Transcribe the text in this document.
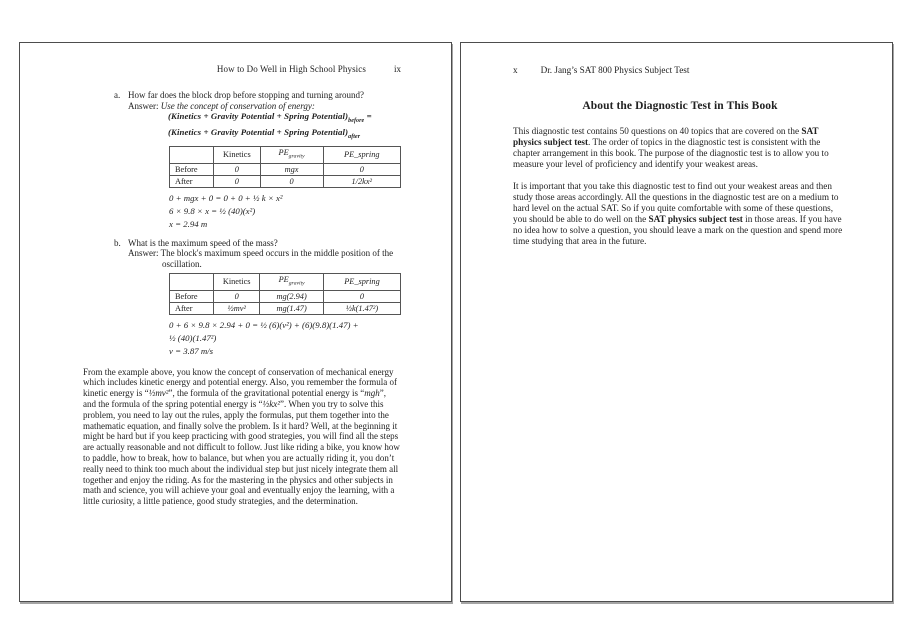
How to Do Well in High School Physics	ix
a. How far does the block drop before stopping and turning around?
Answer: Use the concept of conservation of energy:
(Kinetics + Gravity Potential + Spring $Potential)_{before}$ =
(Kinetics + Gravity Potential + Spring $Potential)_{after}$
	Kinetics	$PE_{gravity}$	PE_spring
Before	0	mgx	0
After	0	0	1/2kx²
0 + mgx + 0 = 0 + 0 + ½ k × x²
6 × 9.8 × x = ½ (40)(x²)
x = 2.94 m
b. What is the maximum speed of the mass?
Answer: The block's maximum speed occurs in the middle position of the oscillation.
	Kinetics	$PE_{gravity}$	PE_spring
Before	0	mg(2.94)	0
After	½mv²	mg(1.47)	½k(1.47²)
0 + 6 × 9.8 × 2.94 + 0 = ½ (6)(v²) + (6)(9.8)(1.47) +
½ (40)(1.47²)
v = 3.87 m/s
From the example above, you know the concept of conservation of mechanical energy which includes kinetic energy and potential energy. Also, you remember the formula of kinetic energy is “½mv²”, the formula of the gravitational potential energy is “mgh”, and the formula of the spring potential energy is “½kx²”. When you try to solve this problem, you need to lay out the rules, apply the formulas, put them together into the mathematic equation, and finally solve the problem. Is it hard? Well, at the beginning it might be hard but if you keep practicing with good strategies, you will find all the steps are actually reasonable and not difficult to follow. Just like riding a bike, you know how to paddle, how to break, how to balance, but when you are actually riding it, you don’t really need to think too much about the individual step but just nicely integrate them all together and enjoy the riding. As for the mastering in the physics and other subjects in math and science, you will achieve your goal and eventually enjoy the learning, with a little curiosity, a little patience, good study strategies, and the determination.
x	Dr. Jang’s SAT 800 Physics Subject Test
About the Diagnostic Test in This Book
This diagnostic test contains 50 questions on 40 topics that are covered on the SAT physics subject test. The order of topics in the diagnostic test is consistent with the chapter arrangement in this book. The purpose of the diagnostic test is to allow you to measure your level of proficiency and identify your weakest areas.
It is important that you take this diagnostic test to find out your weakest areas and then study those areas accordingly. All the questions in the diagnostic test are on a medium to hard level on the actual SAT. So if you quite comfortable with some of these questions, you should be able to do well on the SAT physics subject test in those areas. If you have no idea how to solve a question, you should leave a mark on the question and spend more time studying that area in the future.
